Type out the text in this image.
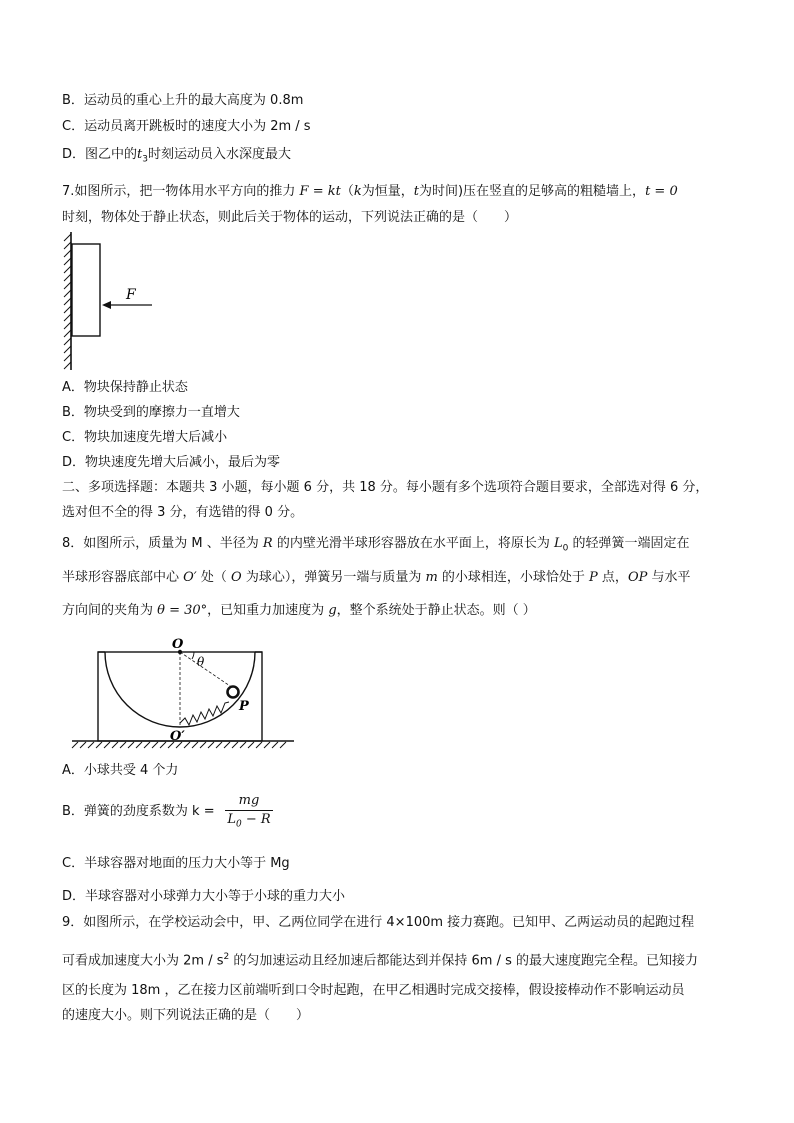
B．运动员的重心上升的最大高度为 0.8m
C．运动员离开跳板时的速度大小为 2m / s
D．图乙中的$t_3$时刻运动员入水深度最大
7.如图所示，把一物体用水平方向的推力 F = kt（k为恒量，t为时间)压在竖直的足够高的粗糙墙上，t = 0
时刻，物体处于静止状态，则此后关于物体的运动，下列说法正确的是（　　）
F
A．物块保持静止状态
B．物块受到的摩擦力一直增大
C．物块加速度先增大后减小
D．物块速度先增大后减小，最后为零
二、多项选择题：本题共 3 小题，每小题 6 分，共 18 分。每小题有多个选项符合题目要求，全部选对得 6 分，
选对但不全的得 3 分，有选错的得 0 分。
8．如图所示，质量为 M 、半径为 R 的内壁光滑半球形容器放在水平面上，将原长为 $L_0$ 的轻弹簧一端固定在
半球形容器底部中心 O′ 处（ O 为球心），弹簧另一端与质量为 m 的小球相连，小球恰处于 P 点，OP 与水平
方向间的夹角为 θ = 30°，已知重力加速度为 g，整个系统处于静止状态。则（ ）
O
θ
P
O′
A．小球共受 4 个力
B．弹簧的劲度系数为 k =
mg
$L_0 - R$
C．半球容器对地面的压力大小等于 Mg
D．半球容器对小球弹力大小等于小球的重力大小
9．如图所示，在学校运动会中，甲、乙两位同学在进行 4×100m 接力赛跑。已知甲、乙两运动员的起跑过程
可看成加速度大小为 $2m / s^2$ 的匀加速运动且经加速后都能达到并保持 6m / s 的最大速度跑完全程。已知接力
区的长度为 18m ，乙在接力区前端听到口令时起跑，在甲乙相遇时完成交接棒，假设接棒动作不影响运动员
的速度大小。则下列说法正确的是（　　）
